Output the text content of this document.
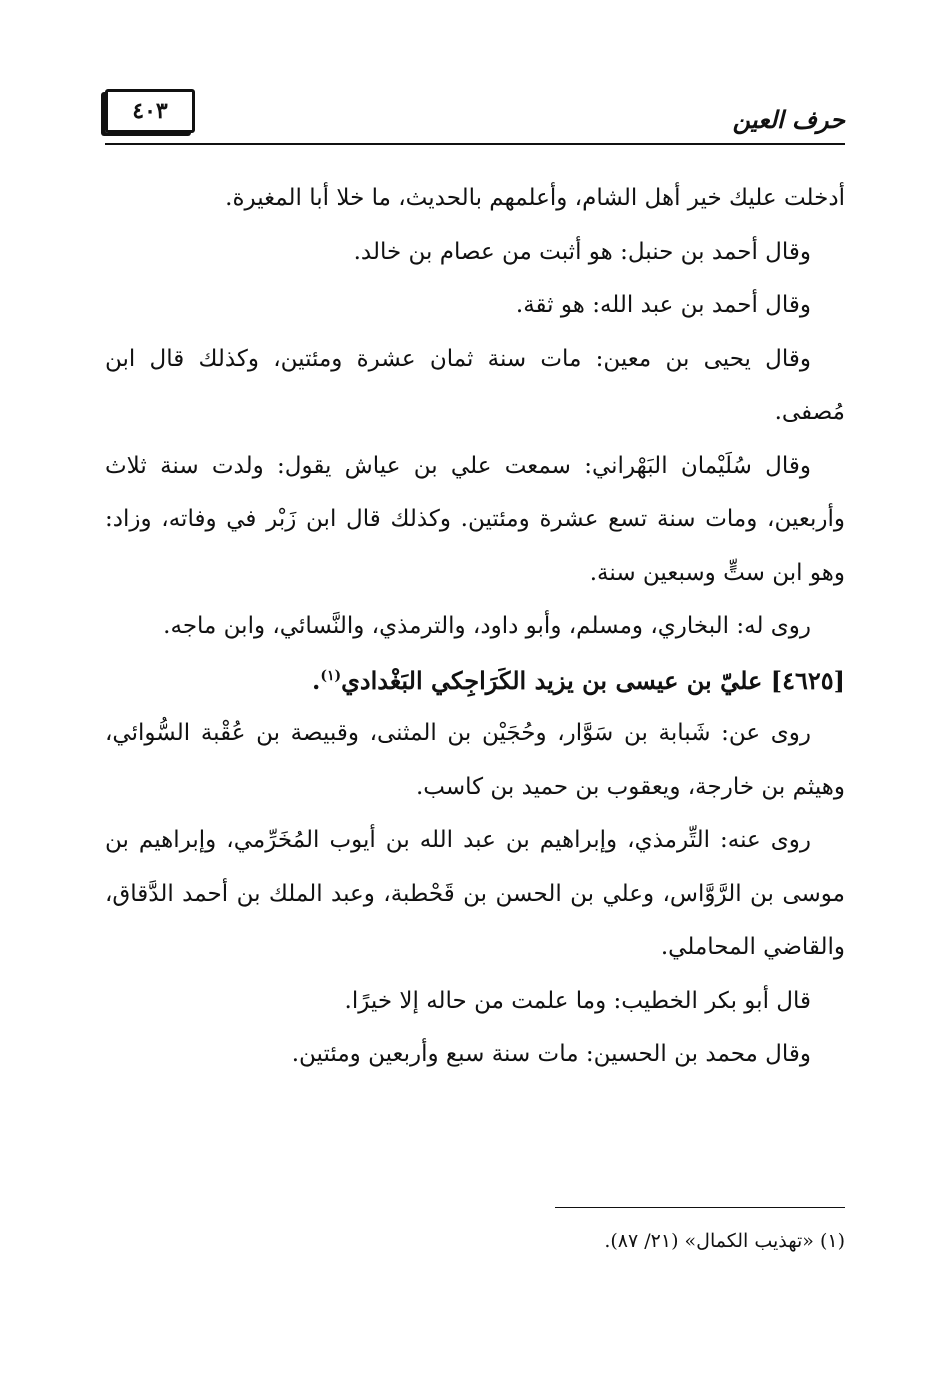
حرف العين
٤٠٣

أدخلت عليك خير أهل الشام، وأعلمهم بالحديث، ما خلا أبا المغيرة.

وقال أحمد بن حنبل: هو أثبت من عصام بن خالد.

وقال أحمد بن عبد الله: هو ثقة.

وقال يحيى بن معين: مات سنة ثمان عشرة ومئتين، وكذلك قال ابن مُصفى.

وقال سُلَيْمان البَهْراني: سمعت علي بن عياش يقول: ولدت سنة ثلاث وأربعين، ومات سنة تسع عشرة ومئتين. وكذلك قال ابن زَبْر في وفاته، وزاد: وهو ابن ستٍّ وسبعين سنة.

روى له: البخاري، ومسلم، وأبو داود، والترمذي، والنَّسائي، وابن ماجه.

[٤٦٢٥] عليّ بن عيسى بن يزيد الكَرَاجِكي البَغْدادي$^{(١)}$.

روى عن: شَبابة بن سَوَّار، وحُجَيْن بن المثنى، وقبيصة بن عُقْبة السُّوائي، وهيثم بن خارجة، ويعقوب بن حميد بن كاسب.

روى عنه: التِّرمذي، وإبراهيم بن عبد الله بن أيوب المُخَرِّمي، وإبراهيم بن موسى بن الرَّوَّاس، وعلي بن الحسن بن قَحْطبة، وعبد الملك بن أحمد الدَّقاق، والقاضي المحاملي.

قال أبو بكر الخطيب: وما علمت من حاله إلا خيرًا.

وقال محمد بن الحسين: مات سنة سبع وأربعين ومئتين.

(١) «تهذيب الكمال» (٢١/ ٨٧).
